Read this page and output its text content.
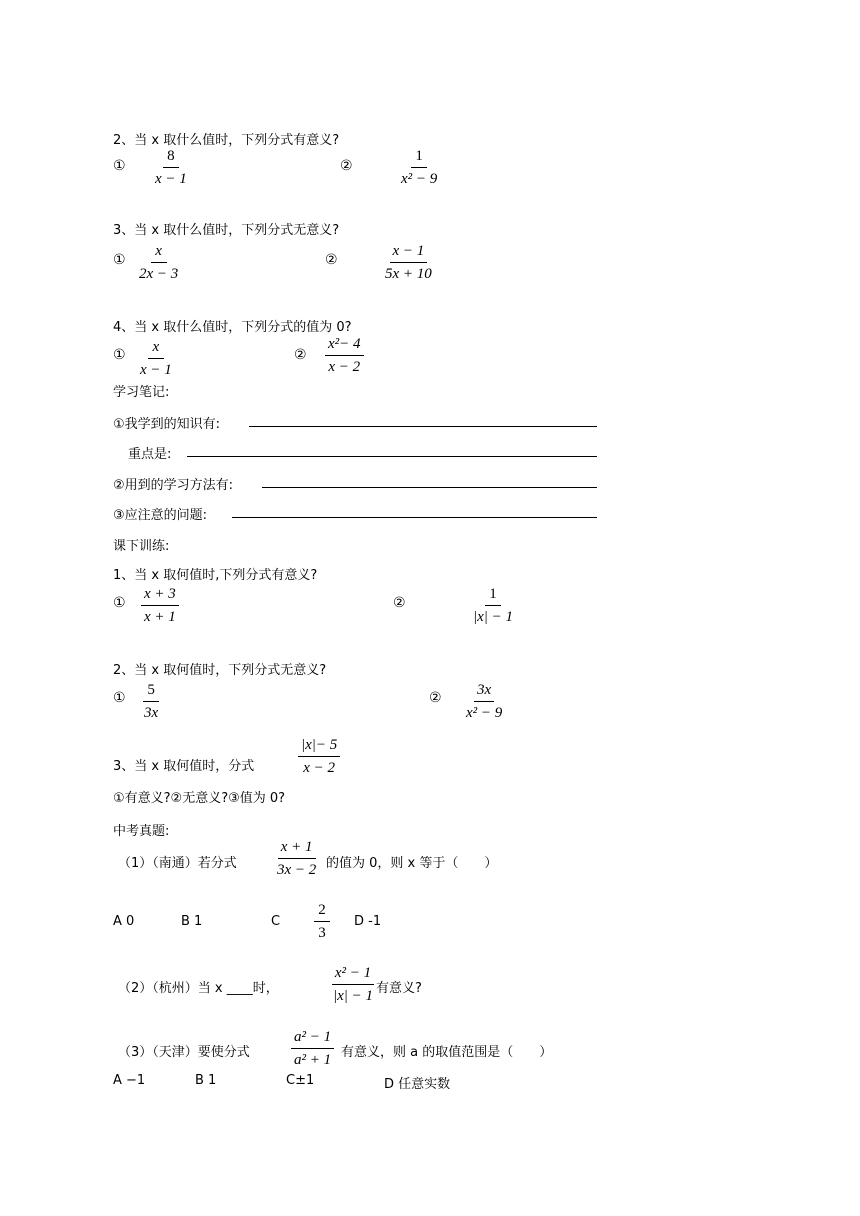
2、当 x 取什么值时，下列分式有意义?
① $\frac{8}{x - 1}$	②	$\frac{1}{\text{x² − 9}}$
3、当 x 取什么值时，下列分式无意义?
① $\frac{x}{2x - 3}$	②	$\frac{x - 1}{5x + 10}$
4、当 x 取什么值时，下列分式的值为 0?
① $\frac{x}{x - 1}$	② $\frac{\text{x²− 4}}{x - 2}$
学习笔记:
①我学到的知识有:
重点是:
②用到的学习方法有:
③应注意的问题:
课下训练:
1、当 x 取何值时,下列分式有意义?
① $\frac{x + 3}{x + 1}$	②	$\frac{1}{|x| - 1}$
2、当 x 取何值时，下列分式无意义?
① $\frac{5}{3x}$	② $\frac{3x}{\text{x² − 9}}$
3、当 x 取何值时，分式	$\frac{|x|- 5}{x - 2}$
①有意义?②无意义?③值为 0?
中考真题:
（1）（南通）若分式 $\frac{x + 1}{3x - 2}$ 的值为 0，则 x 等于（　　）
A 0	B 1	C $\frac{2}{3}$ D -1
（2）（杭州）当 x ____时，	$\frac{\text{x² − 1}}{|x| - 1}$ 有意义?
（3）（天津）要使分式	$\frac{\text{a² − 1}}{\text{a² + 1}}$ 有意义，则 a 的取值范围是（　　）
A −1	B 1	C±1	D 任意实数
